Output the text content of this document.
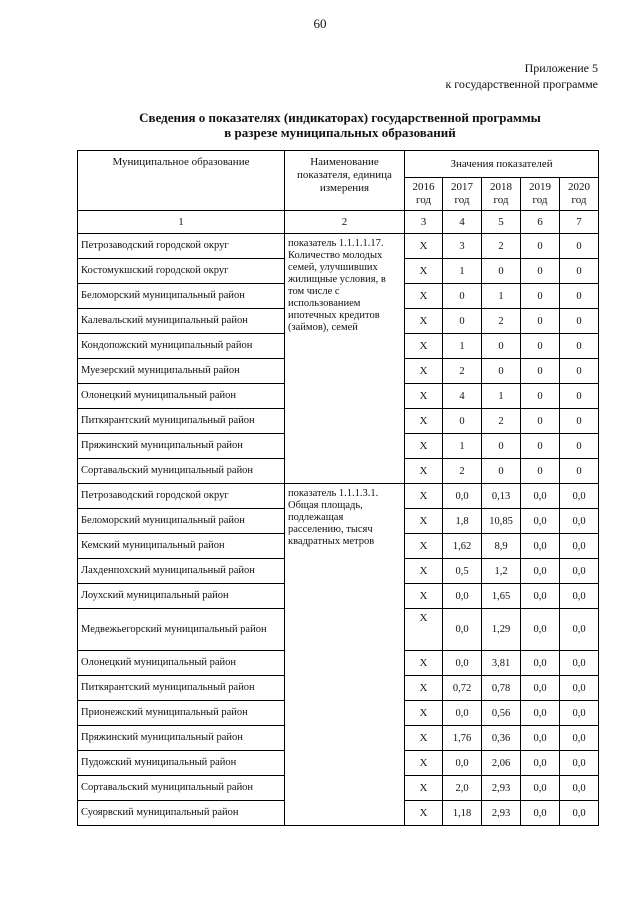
60
Приложение 5
к государственной программе
Сведения о показателях (индикаторах) государственной программы
в разрезе муниципальных образований
Муниципальное образование	Наименование показателя, единица измерения	Значения показателей				
		2016 год	2017 год	2018 год	2019 год	2020 год
1	2	3	4	5	6	7
Петрозаводский городской округ	показатель 1.1.1.1.17. Количество молодых семей, улучшивших жилищные условия, в том числе с использованием ипотечных кредитов (займов), семей	X	3	2	0	0
Костомукшский городской округ		X	1	0	0	0
Беломорский муниципальный район		X	0	1	0	0
Калевальский муниципальный район		X	0	2	0	0
Кондопожский муниципальный район		X	1	0	0	0
Муезерский муниципальный район		X	2	0	0	0
Олонецкий муниципальный район		X	4	1	0	0
Питкярантский муниципальный район		X	0	2	0	0
Пряжинский муниципальный район		X	1	0	0	0
Сортавальский муниципальный район		X	2	0	0	0
Петрозаводский городской округ	показатель 1.1.1.3.1. Общая площадь, подлежащая расселению, тысяч квадратных метров	X	0,0	0,13	0,0	0,0
Беломорский муниципальный район		X	1,8	10,85	0,0	0,0
Кемский муниципальный район		X	1,62	8,9	0,0	0,0
Лахденпохский муниципальный район		X	0,5	1,2	0,0	0,0
Лоухский муниципальный район		X	0,0	1,65	0,0	0,0
Медвежьегорский муниципальный район		X	0,0	1,29	0,0	0,0
Олонецкий муниципальный район		X	0,0	3,81	0,0	0,0
Питкярантский муниципальный район		X	0,72	0,78	0,0	0,0
Прионежский муниципальный район		X	0,0	0,56	0,0	0,0
Пряжинский муниципальный район		X	1,76	0,36	0,0	0,0
Пудожский муниципальный район		X	0,0	2,06	0,0	0,0
Сортавальский муниципальный район		X	2,0	2,93	0,0	0,0
Суоярвский муниципальный район		X	1,18	2,93	0,0	0,0
